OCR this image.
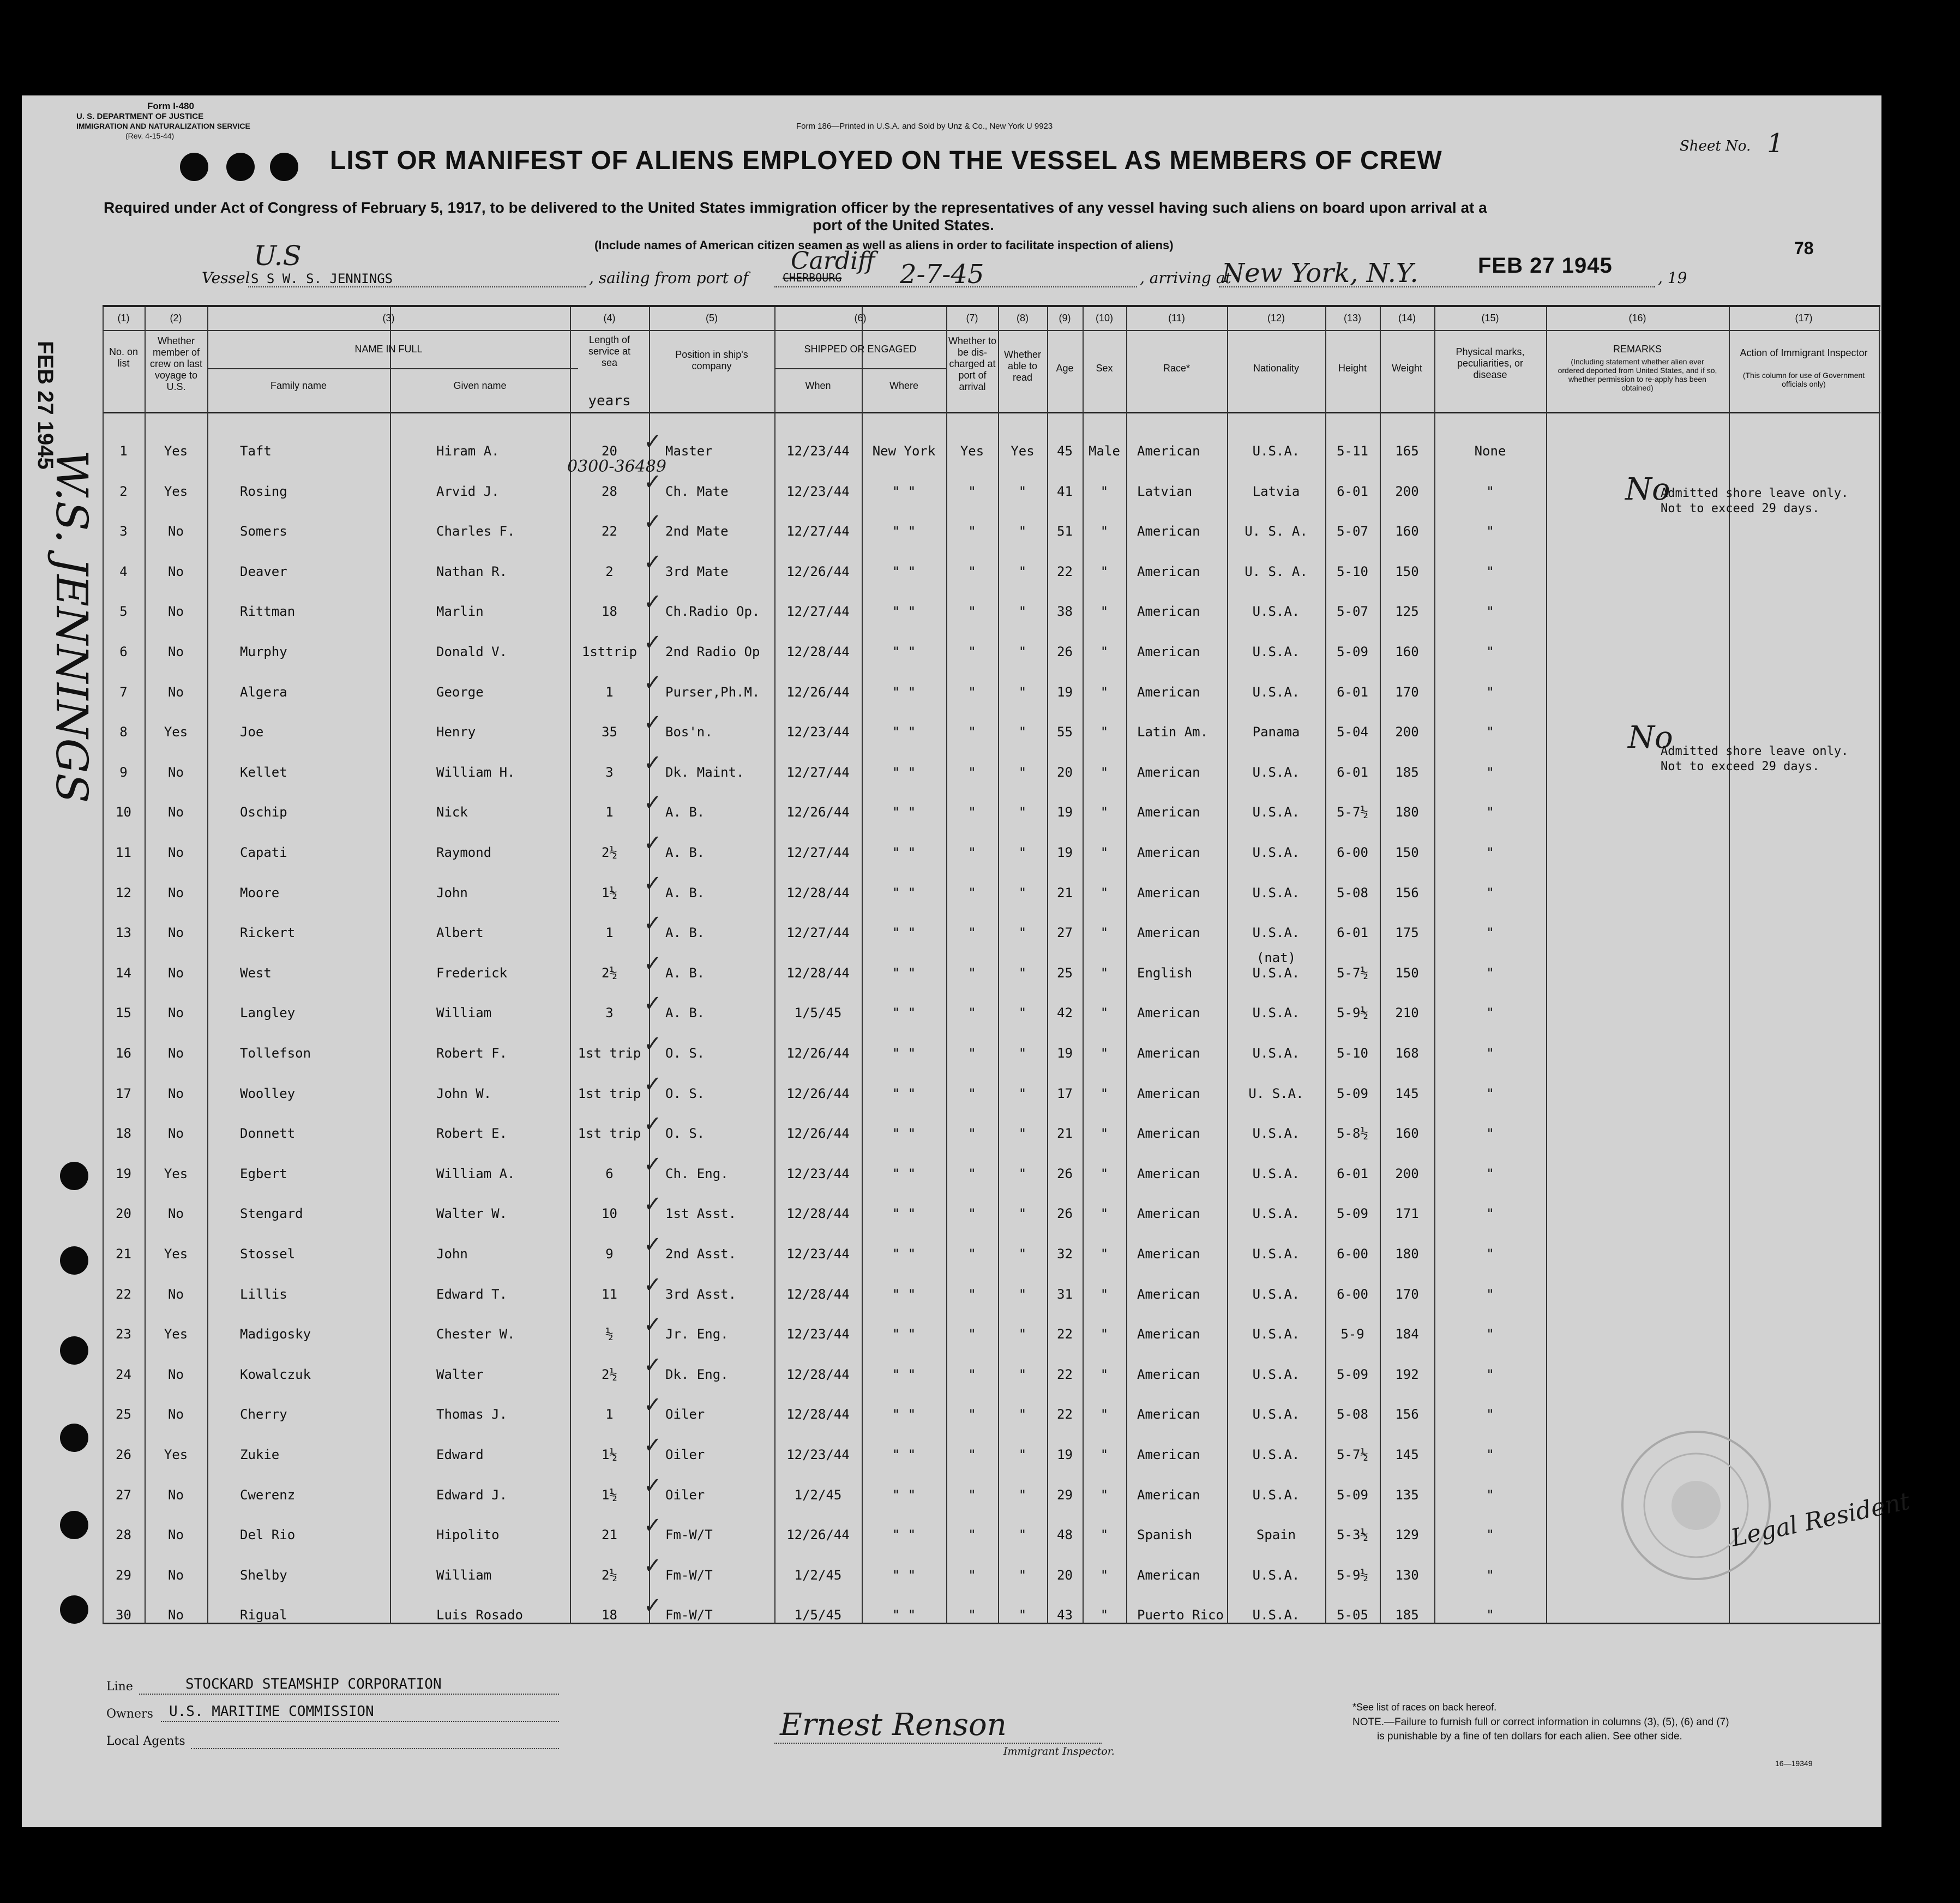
Form I-480
U. S. DEPARTMENT OF JUSTICE
IMMIGRATION AND NATURALIZATION SERVICE
(Rev. 4-15-44)
Form 186—Printed in U.S.A. and Sold by Unz & Co., New York U 9923
Sheet No. 1
LIST OR MANIFEST OF ALIENS EMPLOYED ON THE VESSEL AS MEMBERS OF CREW
Required under Act of Congress of February 5, 1917, to be delivered to the United States immigration officer by the representatives of any vessel having such aliens on board upon arrival at a
port of the United States.
(Include names of American citizen seamen as well as aliens in order to facilitate inspection of aliens)	78
Vessel
U.S
S S W. S. JENNINGS	, sailing from port of	CHERBOURG
Cardiff 2-7-45	, arriving at
New York, N.Y.	FEB 27 1945
, 19
FEB 27 1945
W.S. JENNINGS
(1)	(2)	(3)	(4)	(5)	(6)	(7)	(8)	(9)	(10)	(11)	(12)	(13)	(14)	(15)	(16)	(17)
No. on list
Whether member of crew on last voyage to U.S.
NAME IN FULL
Family name	Given name
Length of service at sea
years
Position in ship's company
SHIPPED OR ENGAGED
When	Where
Whether to be dis-charged at port of arrival
Whether able to read
Age	Sex	Race*	Nationality	Height	Weight
Physical marks, peculiarities, or disease
REMARKS
(Including statement whether alien ever ordered deported from United States, and if so, whether permission to re-apply has been obtained)
Action of Immigrant Inspector
(This column for use of Government officials only)
1	Yes	Taft	Hiram A.	20	Master	12/23/44	New York	Yes	Yes	45	Male	American	U.S.A.	5-11	165	None
✓
2	Yes	Rosing	Arvid J.	28	Ch. Mate	12/23/44	" "	"	"	41	"	Latvian	Latvia	6-01	200	"
✓
3	No	Somers	Charles F.	22	2nd Mate	12/27/44	" "	"	"	51	"	American	U. S. A.	5-07	160	"
✓
4	No	Deaver	Nathan R.	2	3rd Mate	12/26/44	" "	"	"	22	"	American	U. S. A.	5-10	150	"
✓
5	No	Rittman	Marlin	18	Ch.Radio Op.	12/27/44	" "	"	"	38	"	American	U.S.A.	5-07	125	"
✓
6	No	Murphy	Donald V.	1sttrip	2nd Radio Op	12/28/44	" "	"	"	26	"	American	U.S.A.	5-09	160	"
✓
7	No	Algera	George	1	Purser,Ph.M.	12/26/44	" "	"	"	19	"	American	U.S.A.	6-01	170	"
✓
8	Yes	Joe	Henry	35	Bos'n.	12/23/44	" "	"	"	55	"	Latin Am.	Panama	5-04	200	"
✓
9	No	Kellet	William H.	3	Dk. Maint.	12/27/44	" "	"	"	20	"	American	U.S.A.	6-01	185	"
✓
10	No	Oschip	Nick	1	A. B.	12/26/44	" "	"	"	19	"	American	U.S.A.	5-7½	180	"
✓
11	No	Capati	Raymond	2½	A. B.	12/27/44	" "	"	"	19	"	American	U.S.A.	6-00	150	"
✓
12	No	Moore	John	1½	A. B.	12/28/44	" "	"	"	21	"	American	U.S.A.	5-08	156	"
✓
13	No	Rickert	Albert	1	A. B.	12/27/44	" "	"	"	27	"	American	U.S.A.	6-01	175	"
✓
14	No	West	Frederick	2½	A. B.	12/28/44	" "	"	"	25	"	English	U.S.A.	5-7½	150	"
(nat)
✓
15	No	Langley	William	3	A. B.	1/5/45	" "	"	"	42	"	American	U.S.A.	5-9½	210	"
✓
16	No	Tollefson	Robert F.	1st trip	O. S.	12/26/44	" "	"	"	19	"	American	U.S.A.	5-10	168	"
✓
17	No	Woolley	John W.	1st trip	O. S.	12/26/44	" "	"	"	17	"	American	U. S.A.	5-09	145	"
✓
18	No	Donnett	Robert E.	1st trip	O. S.	12/26/44	" "	"	"	21	"	American	U.S.A.	5-8½	160	"
✓
19	Yes	Egbert	William A.	6	Ch. Eng.	12/23/44	" "	"	"	26	"	American	U.S.A.	6-01	200	"
✓
20	No	Stengard	Walter W.	10	1st Asst.	12/28/44	" "	"	"	26	"	American	U.S.A.	5-09	171	"
✓
21	Yes	Stossel	John	9	2nd Asst.	12/23/44	" "	"	"	32	"	American	U.S.A.	6-00	180	"
✓
22	No	Lillis	Edward T.	11	3rd Asst.	12/28/44	" "	"	"	31	"	American	U.S.A.	6-00	170	"
✓
23	Yes	Madigosky	Chester W.	½	Jr. Eng.	12/23/44	" "	"	"	22	"	American	U.S.A.	5-9	184	"
✓
24	No	Kowalczuk	Walter	2½	Dk. Eng.	12/28/44	" "	"	"	22	"	American	U.S.A.	5-09	192	"
✓
25	No	Cherry	Thomas J.	1	Oiler	12/28/44	" "	"	"	22	"	American	U.S.A.	5-08	156	"
✓
26	Yes	Zukie	Edward	1½	Oiler	12/23/44	" "	"	"	19	"	American	U.S.A.	5-7½	145	"
✓
27	No	Cwerenz	Edward J.	1½	Oiler	1/2/45	" "	"	"	29	"	American	U.S.A.	5-09	135	"
✓
28	No	Del Rio	Hipolito	21	Fm-W/T	12/26/44	" "	"	"	48	"	Spanish	Spain	5-3½	129	"
✓
29	No	Shelby	William	2½	Fm-W/T	1/2/45	" "	"	"	20	"	American	U.S.A.	5-9½	130	"
✓
30	No	Rigual	Luis Rosado	18	Fm-W/T	1/5/45	" "	"	"	43	"	Puerto Rico	U.S.A.	5-05	185	"
✓
0300-36489
No
Admitted shore leave only.
Not to exceed 29 days.
No
Admitted shore leave only.
Not to exceed 29 days.
Legal Resident
Line	STOCKARD STEAMSHIP CORPORATION
Owners U.S. MARITIME COMMISSION
Local Agents	Ernest Renson
Immigrant Inspector.
*See list of races on back hereof.
NOTE.—Failure to furnish full or correct information in columns (3), (5), (6) and (7)
is punishable by a fine of ten dollars for each alien. See other side.
16—19349
